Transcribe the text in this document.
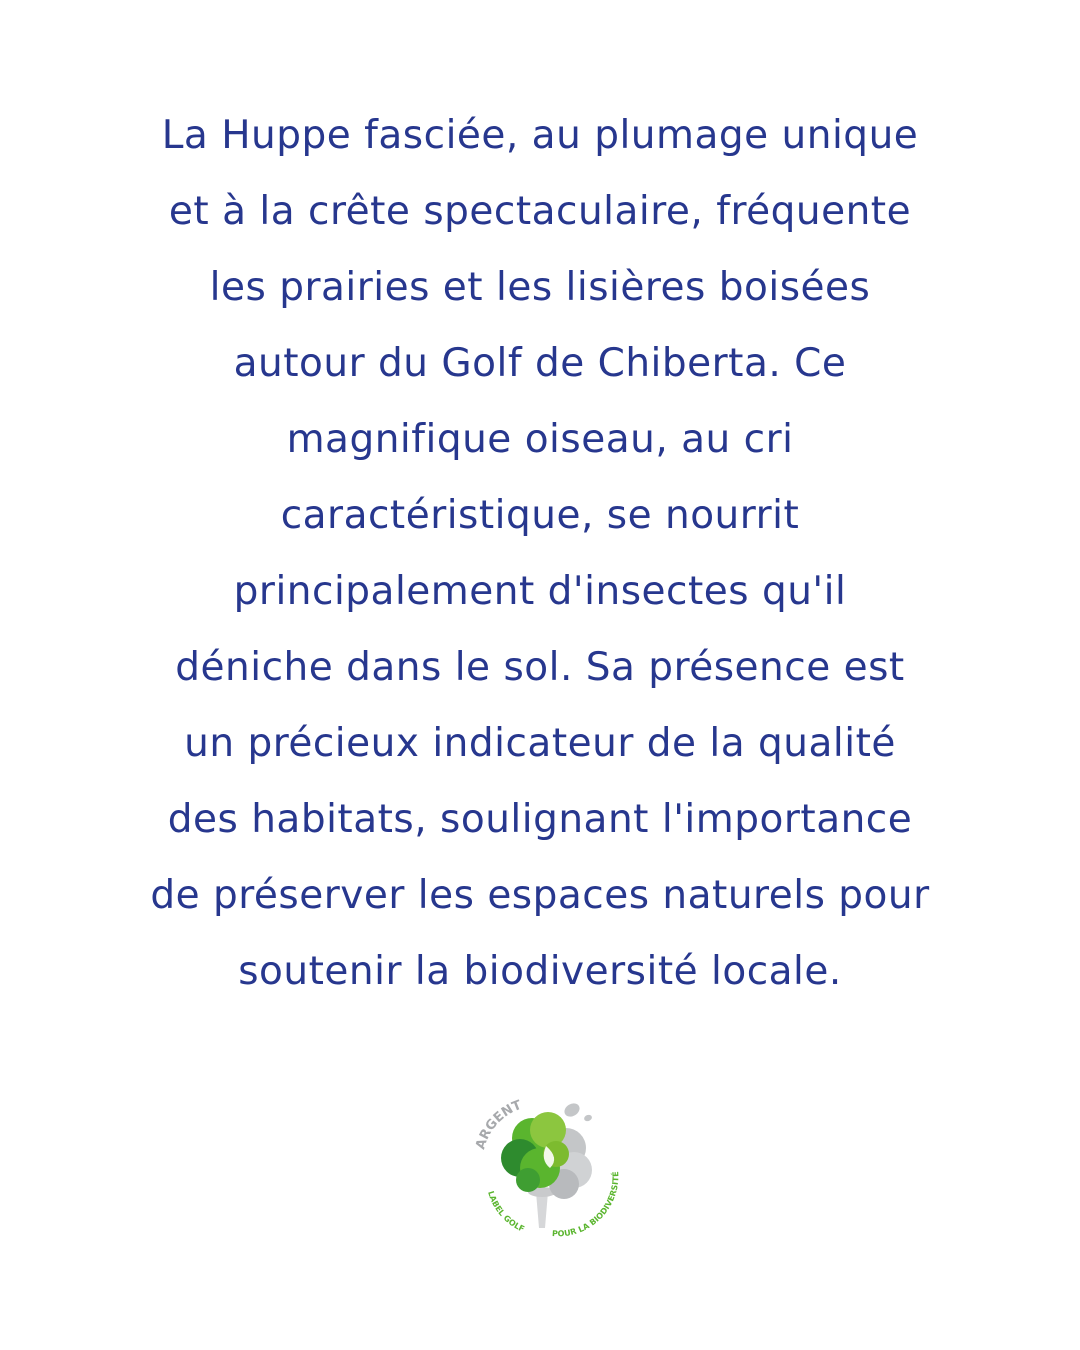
La Huppe fasciée, au plumage unique
et à la crête spectaculaire, fréquente
les prairies et les lisières boisées
autour du Golf de Chiberta. Ce
magnifique oiseau, au cri
caractéristique, se nourrit
principalement d'insectes qu'il
déniche dans le sol. Sa présence est
un précieux indicateur de la qualité
des habitats, soulignant l'importance
de préserver les espaces naturels pour
soutenir la biodiversité locale.
ARGENT
LABEL GOLF	POUR LA BIODIVERSITÉ
